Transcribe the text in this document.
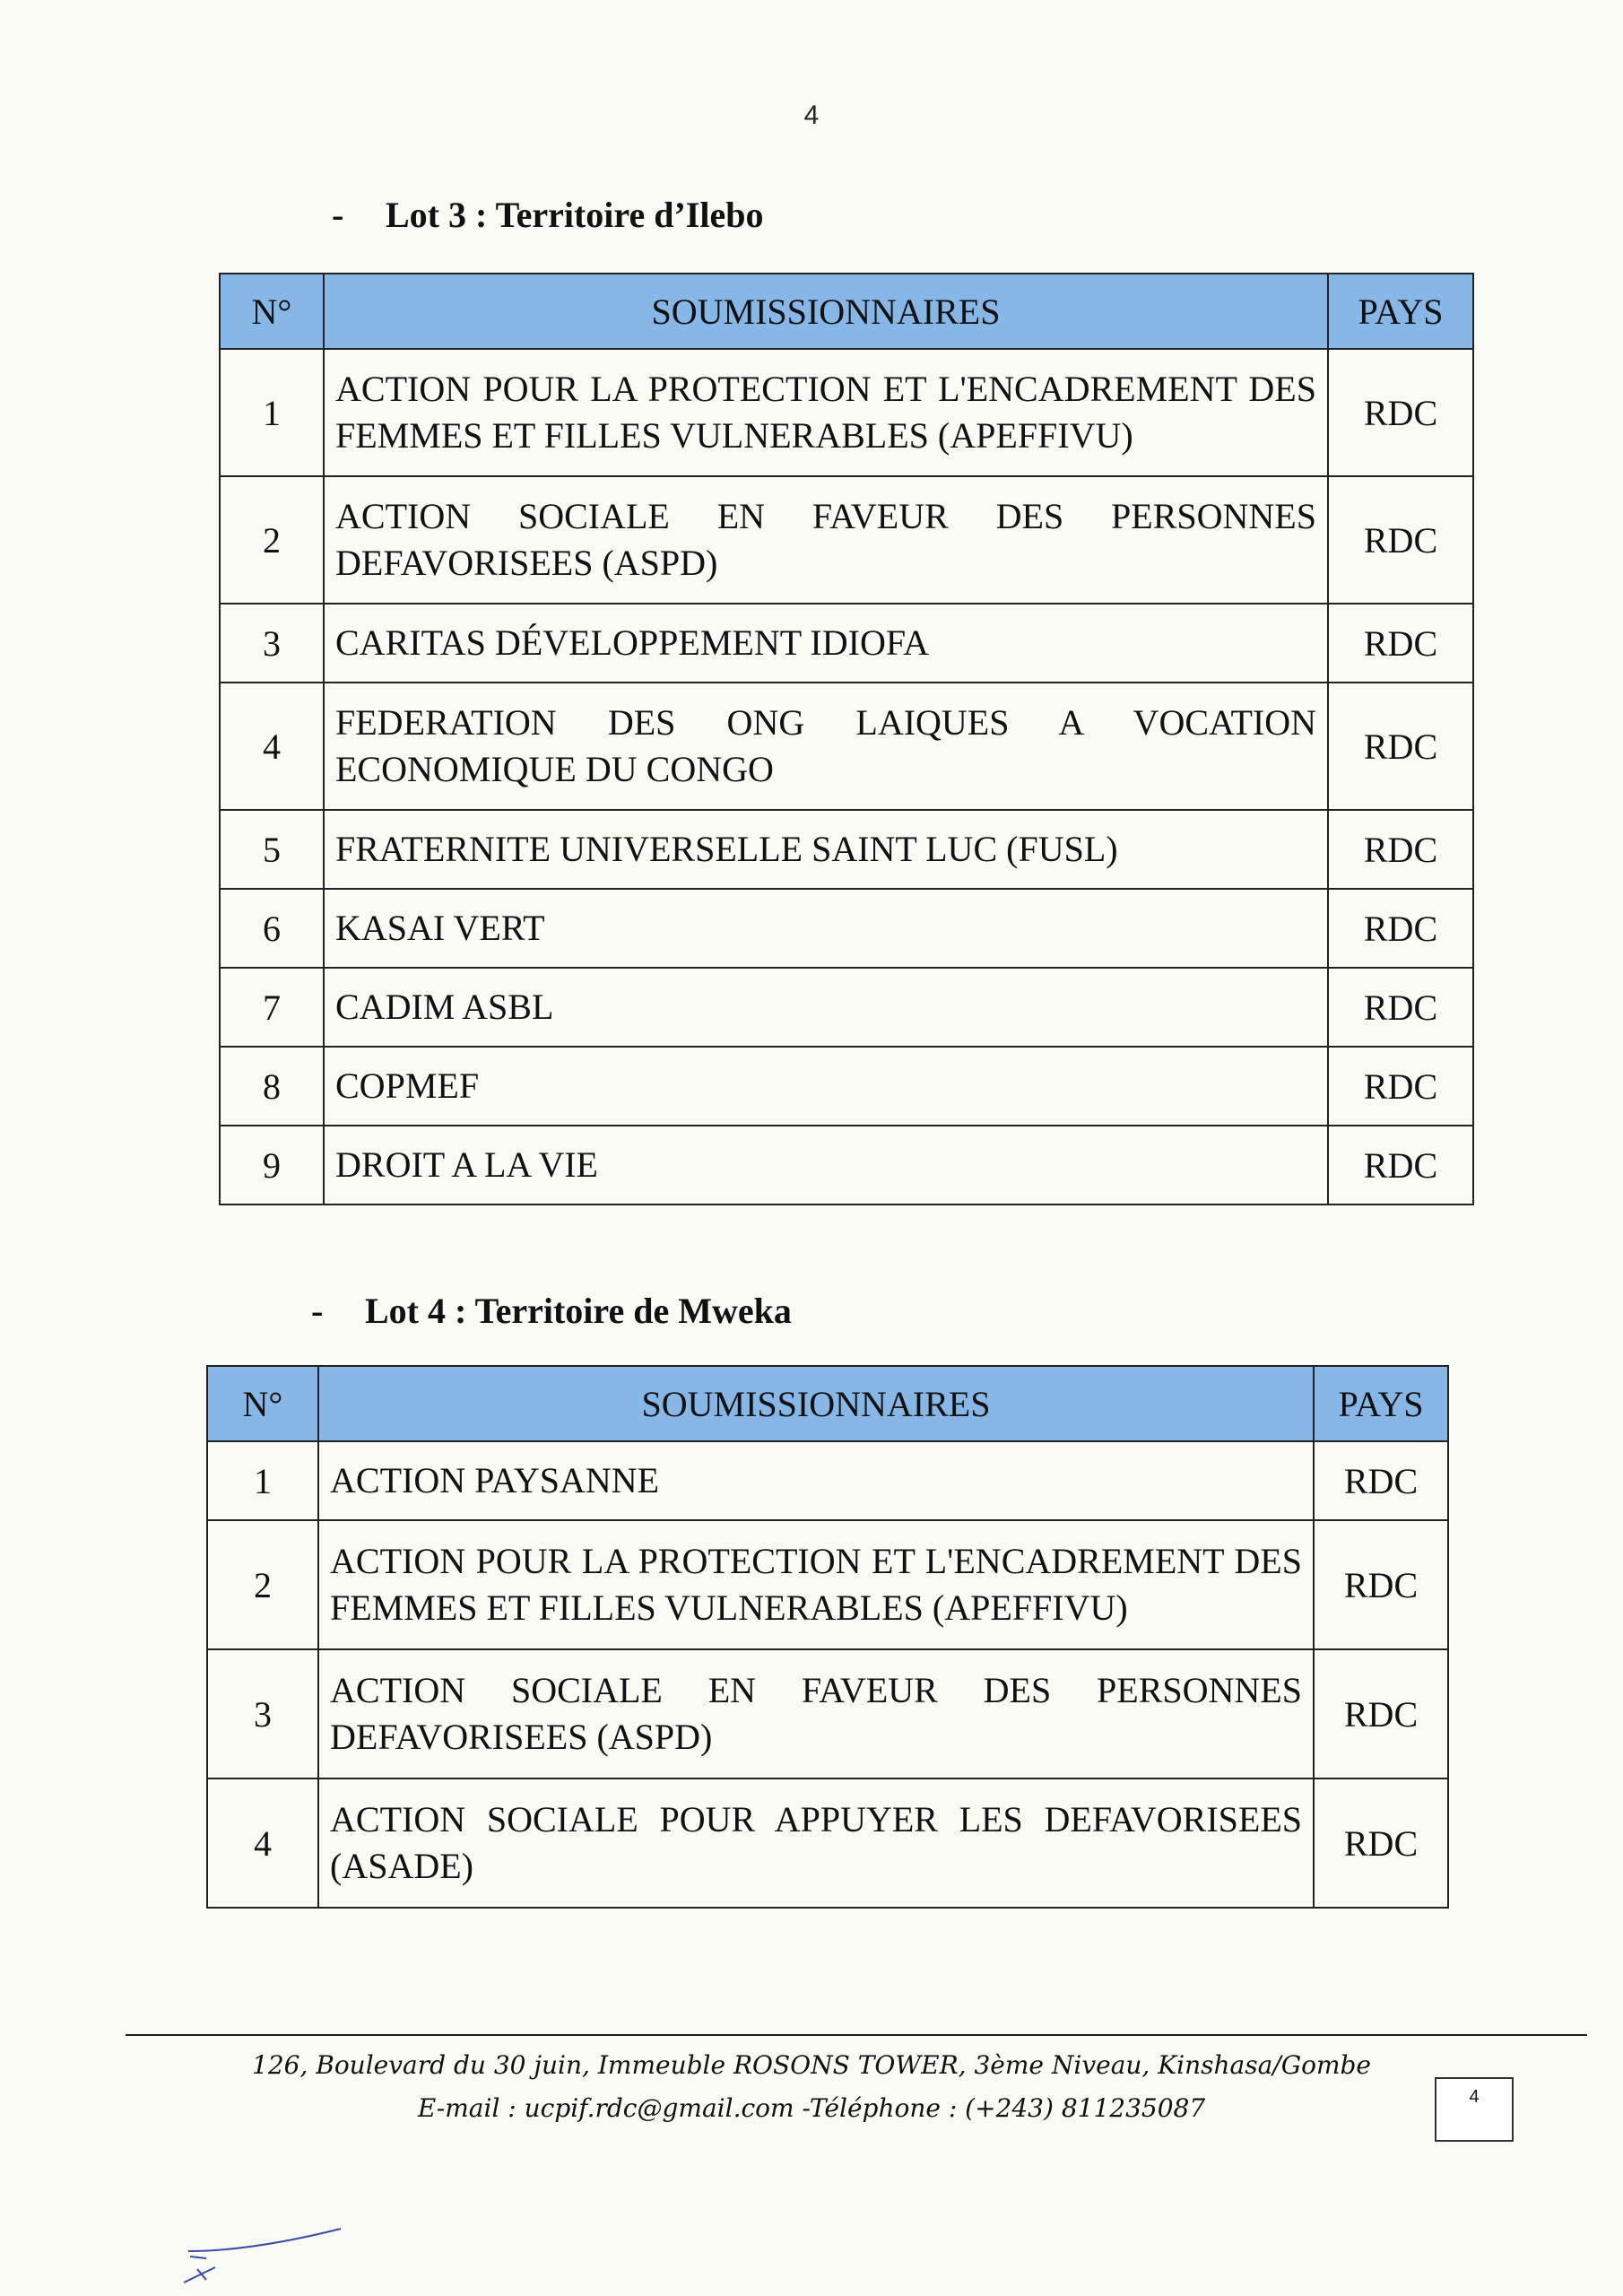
4
- Lot 3 : Territoire d’Ilebo
N°	SOUMISSIONNAIRES	PAYS
1	ACTION POUR LA PROTECTION ET L'ENCADREMENT DES FEMMES ET FILLES VULNERABLES (APEFFIVU)	RDC
2	ACTION SOCIALE EN FAVEUR DES PERSONNES DEFAVORISEES (ASPD)	RDC
3	CARITAS DÉVELOPPEMENT IDIOFA	RDC
4	FEDERATION DES ONG LAIQUES A VOCATION ECONOMIQUE DU CONGO	RDC
5	FRATERNITE UNIVERSELLE SAINT LUC (FUSL)	RDC
6	KASAI VERT	RDC
7	CADIM ASBL	RDC
8	COPMEF	RDC
9	DROIT A LA VIE	RDC
- Lot 4 : Territoire de Mweka
N°	SOUMISSIONNAIRES	PAYS
1	ACTION PAYSANNE	RDC
2	ACTION POUR LA PROTECTION ET L'ENCADREMENT DES FEMMES ET FILLES VULNERABLES (APEFFIVU)	RDC
3	ACTION SOCIALE EN FAVEUR DES PERSONNES DEFAVORISEES (ASPD)	RDC
4	ACTION SOCIALE POUR APPUYER LES DEFAVORISEES (ASADE)	RDC
126, Boulevard du 30 juin, Immeuble ROSONS TOWER, 3ème Niveau, Kinshasa/Gombe
E-mail : ucpif.rdc@gmail.com -Téléphone : (+243) 811235087	4
